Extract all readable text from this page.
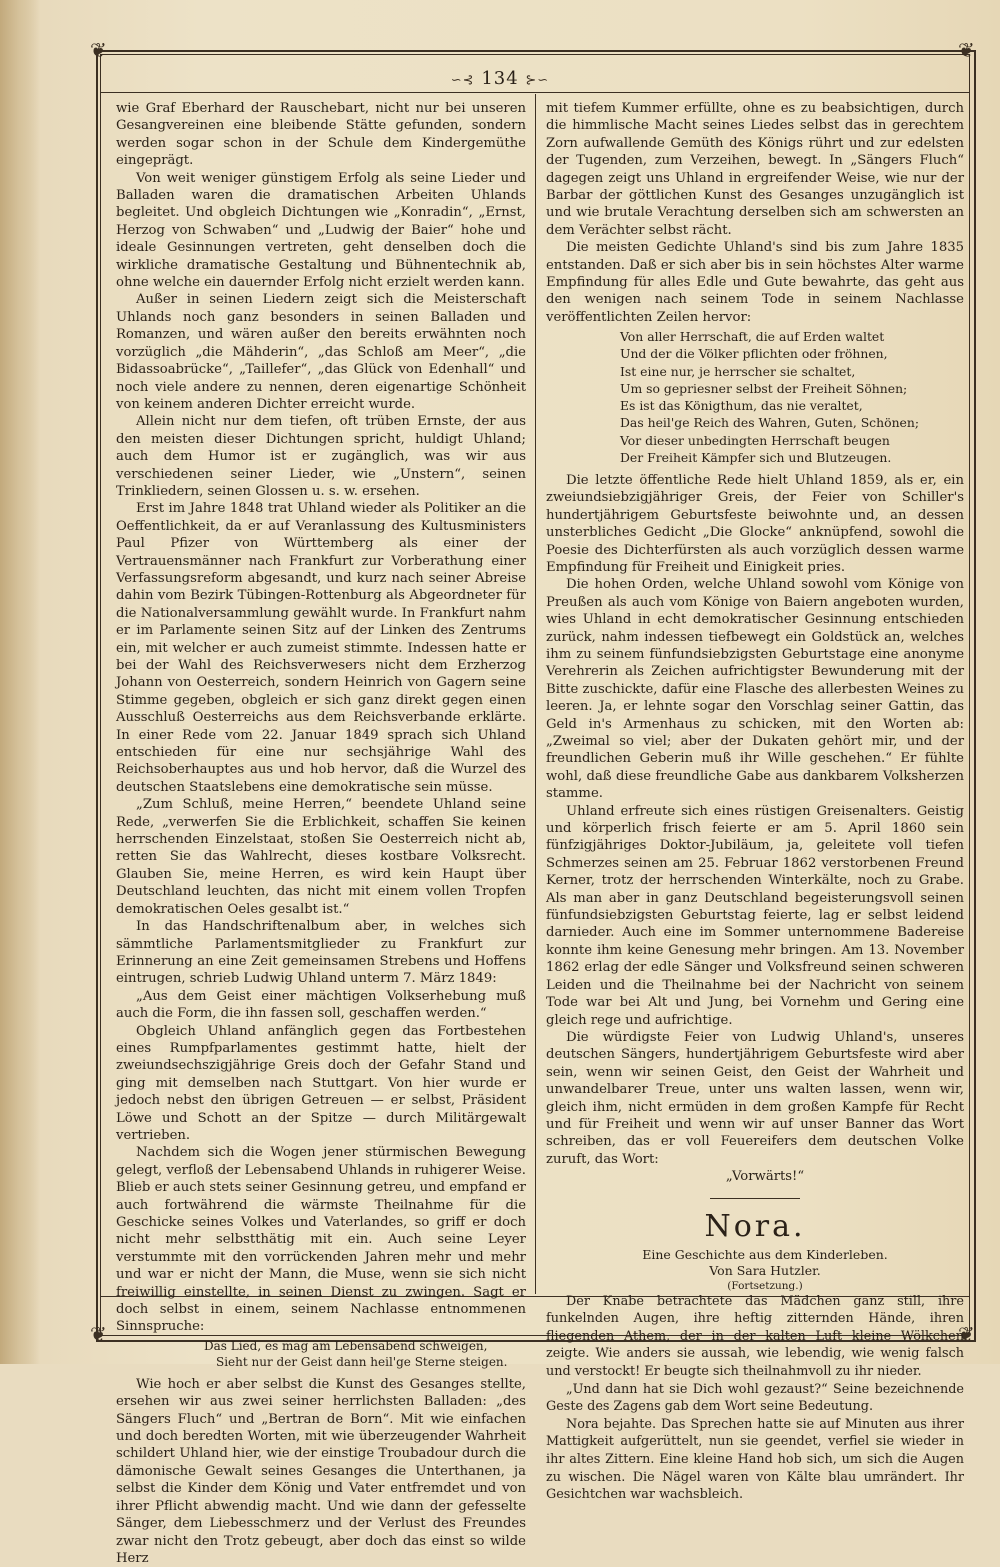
❦	❦
❦	❦
∽⊰ 134 ⊱∽

wie Graf Eberhard der Rauschebart, nicht nur bei unseren Gesangvereinen eine bleibende Stätte gefunden, sondern werden sogar schon in der Schule dem Kindergemüthe eingeprägt.

Von weit weniger günstigem Erfolg als seine Lieder und Balladen waren die dramatischen Arbeiten Uhlands begleitet. Und obgleich Dichtungen wie „Konradin“, „Ernst, Herzog von Schwaben“ und „Ludwig der Baier“ hohe und ideale Gesinnungen vertreten, geht denselben doch die wirkliche dramatische Gestaltung und Bühnentechnik ab, ohne welche ein dauernder Erfolg nicht erzielt werden kann.

Außer in seinen Liedern zeigt sich die Meisterschaft Uhlands noch ganz besonders in seinen Balladen und Romanzen, und wären außer den bereits erwähnten noch vorzüglich „die Mähderin“, „das Schloß am Meer“, „die Bidassoabrücke“, „Taillefer“, „das Glück von Edenhall“ und noch viele andere zu nennen, deren eigenartige Schönheit von keinem anderen Dichter erreicht wurde.

Allein nicht nur dem tiefen, oft trüben Ernste, der aus den meisten dieser Dichtungen spricht, huldigt Uhland; auch dem Humor ist er zugänglich, was wir aus verschiedenen seiner Lieder, wie „Unstern“, seinen Trinkliedern, seinen Glossen u. s. w. ersehen.

Erst im Jahre 1848 trat Uhland wieder als Politiker an die Oeffentlichkeit, da er auf Veranlassung des Kultusministers Paul Pfizer von Württemberg als einer der Vertrauensmänner nach Frankfurt zur Vorberathung einer Verfassungsreform abgesandt, und kurz nach seiner Abreise dahin vom Bezirk Tübingen-Rottenburg als Abgeordneter für die Nationalversammlung gewählt wurde. In Frankfurt nahm er im Parlamente seinen Sitz auf der Linken des Zentrums ein, mit welcher er auch zumeist stimmte. Indessen hatte er bei der Wahl des Reichsverwesers nicht dem Erzherzog Johann von Oesterreich, sondern Heinrich von Gagern seine Stimme gegeben, obgleich er sich ganz direkt gegen einen Ausschluß Oesterreichs aus dem Reichsverbande erklärte. In einer Rede vom 22. Januar 1849 sprach sich Uhland entschieden für eine nur sechsjährige Wahl des Reichsoberhauptes aus und hob hervor, daß die Wurzel des deutschen Staatslebens eine demokratische sein müsse.

„Zum Schluß, meine Herren,“ beendete Uhland seine Rede, „verwerfen Sie die Erblichkeit, schaffen Sie keinen herrschenden Einzelstaat, stoßen Sie Oesterreich nicht ab, retten Sie das Wahlrecht, dieses kostbare Volksrecht. Glauben Sie, meine Herren, es wird kein Haupt über Deutschland leuchten, das nicht mit einem vollen Tropfen demokratischen Oeles gesalbt ist.“

In das Handschriftenalbum aber, in welches sich sämmtliche Parlamentsmitglieder zu Frankfurt zur Erinnerung an eine Zeit gemeinsamen Strebens und Hoffens eintrugen, schrieb Ludwig Uhland unterm 7. März 1849:

„Aus dem Geist einer mächtigen Volkserhebung muß auch die Form, die ihn fassen soll, geschaffen werden.“

Obgleich Uhland anfänglich gegen das Fortbestehen eines Rumpfparlamentes gestimmt hatte, hielt der zweiundsechszigjährige Greis doch der Gefahr Stand und ging mit demselben nach Stuttgart. Von hier wurde er jedoch nebst den übrigen Getreuen — er selbst, Präsident Löwe und Schott an der Spitze — durch Militärgewalt vertrieben.

Nachdem sich die Wogen jener stürmischen Bewegung gelegt, verfloß der Lebensabend Uhlands in ruhigerer Weise. Blieb er auch stets seiner Gesinnung getreu, und empfand er auch fortwährend die wärmste Theilnahme für die Geschicke seines Volkes und Vaterlandes, so griff er doch nicht mehr selbstthätig mit ein. Auch seine Leyer verstummte mit den vorrückenden Jahren mehr und mehr und war er nicht der Mann, die Muse, wenn sie sich nicht freiwillig einstellte, in seinen Dienst zu zwingen. Sagt er doch selbst in einem, seinem Nachlasse entnommenen Sinnspruche:

Das Lied, es mag am Lebensabend schweigen,
Sieht nur der Geist dann heil'ge Sterne steigen.

Wie hoch er aber selbst die Kunst des Gesanges stellte, ersehen wir aus zwei seiner herrlichsten Balladen: „des Sängers Fluch“ und „Bertran de Born“. Mit wie einfachen und doch beredten Worten, mit wie überzeugender Wahrheit schildert Uhland hier, wie der einstige Troubadour durch die dämonische Gewalt seines Gesanges die Unterthanen, ja selbst die Kinder dem König und Vater entfremdet und von ihrer Pflicht abwendig macht. Und wie dann der gefesselte Sänger, dem Liebesschmerz und der Verlust des Freundes zwar nicht den Trotz gebeugt, aber doch das einst so wilde Herz

mit tiefem Kummer erfüllte, ohne es zu beabsichtigen, durch die himmlische Macht seines Liedes selbst das in gerechtem Zorn aufwallende Gemüth des Königs rührt und zur edelsten der Tugenden, zum Verzeihen, bewegt. In „Sängers Fluch“ dagegen zeigt uns Uhland in ergreifender Weise, wie nur der Barbar der göttlichen Kunst des Gesanges unzugänglich ist und wie brutale Verachtung derselben sich am schwersten an dem Verächter selbst rächt.

Die meisten Gedichte Uhland's sind bis zum Jahre 1835 entstanden. Daß er sich aber bis in sein höchstes Alter warme Empfindung für alles Edle und Gute bewahrte, das geht aus den wenigen nach seinem Tode in seinem Nachlasse veröffentlichten Zeilen hervor:

Von aller Herrschaft, die auf Erden waltet
Und der die Völker pflichten oder fröhnen,
Ist eine nur, je herrscher sie schaltet,
Um so gepriesner selbst der Freiheit Söhnen;
Es ist das Königthum, das nie veraltet,
Das heil'ge Reich des Wahren, Guten, Schönen;
Vor dieser unbedingten Herrschaft beugen
Der Freiheit Kämpfer sich und Blutzeugen.

Die letzte öffentliche Rede hielt Uhland 1859, als er, ein zweiundsiebzigjähriger Greis, der Feier von Schiller's hundertjährigem Geburtsfeste beiwohnte und, an dessen unsterbliches Gedicht „Die Glocke“ anknüpfend, sowohl die Poesie des Dichterfürsten als auch vorzüglich dessen warme Empfindung für Freiheit und Einigkeit pries.

Die hohen Orden, welche Uhland sowohl vom Könige von Preußen als auch vom Könige von Baiern angeboten wurden, wies Uhland in echt demokratischer Gesinnung entschieden zurück, nahm indessen tiefbewegt ein Goldstück an, welches ihm zu seinem fünfundsiebzigsten Geburtstage eine anonyme Verehrerin als Zeichen aufrichtigster Bewunderung mit der Bitte zuschickte, dafür eine Flasche des allerbesten Weines zu leeren. Ja, er lehnte sogar den Vorschlag seiner Gattin, das Geld in's Armenhaus zu schicken, mit den Worten ab: „Zweimal so viel; aber der Dukaten gehört mir, und der freundlichen Geberin muß ihr Wille geschehen.“ Er fühlte wohl, daß diese freundliche Gabe aus dankbarem Volksherzen stamme.

Uhland erfreute sich eines rüstigen Greisenalters. Geistig und körperlich frisch feierte er am 5. April 1860 sein fünfzigjähriges Doktor-Jubiläum, ja, geleitete voll tiefen Schmerzes seinen am 25. Februar 1862 verstorbenen Freund Kerner, trotz der herrschenden Winterkälte, noch zu Grabe. Als man aber in ganz Deutschland begeisterungsvoll seinen fünfundsiebzigsten Geburtstag feierte, lag er selbst leidend darnieder. Auch eine im Sommer unternommene Badereise konnte ihm keine Genesung mehr bringen. Am 13. November 1862 erlag der edle Sänger und Volksfreund seinen schweren Leiden und die Theilnahme bei der Nachricht von seinem Tode war bei Alt und Jung, bei Vornehm und Gering eine gleich rege und aufrichtige.

Die würdigste Feier von Ludwig Uhland's, unseres deutschen Sängers, hundertjährigem Geburtsfeste wird aber sein, wenn wir seinen Geist, den Geist der Wahrheit und unwandelbarer Treue, unter uns walten lassen, wenn wir, gleich ihm, nicht ermüden in dem großen Kampfe für Recht und für Freiheit und wenn wir auf unser Banner das Wort schreiben, das er voll Feuereifers dem deutschen Volke zuruft, das Wort:

„Vorwärts!“

Nora.

Eine Geschichte aus dem Kinderleben.

Von Sara Hutzler.

(Fortsetzung.)

Der Knabe betrachtete das Mädchen ganz still, ihre funkelnden Augen, ihre heftig zitternden Hände, ihren fliegenden Athem, der in der kalten Luft kleine Wölkchen zeigte. Wie anders sie aussah, wie lebendig, wie wenig falsch und verstockt! Er beugte sich theilnahmvoll zu ihr nieder.

„Und dann hat sie Dich wohl gezaust?“ Seine bezeichnende Geste des Zagens gab dem Wort seine Bedeutung.

Nora bejahte. Das Sprechen hatte sie auf Minuten aus ihrer Mattigkeit aufgerüttelt, nun sie geendet, verfiel sie wieder in ihr altes Zittern. Eine kleine Hand hob sich, um sich die Augen zu wischen. Die Nägel waren von Kälte blau umrändert. Ihr Gesichtchen war wachsbleich.
